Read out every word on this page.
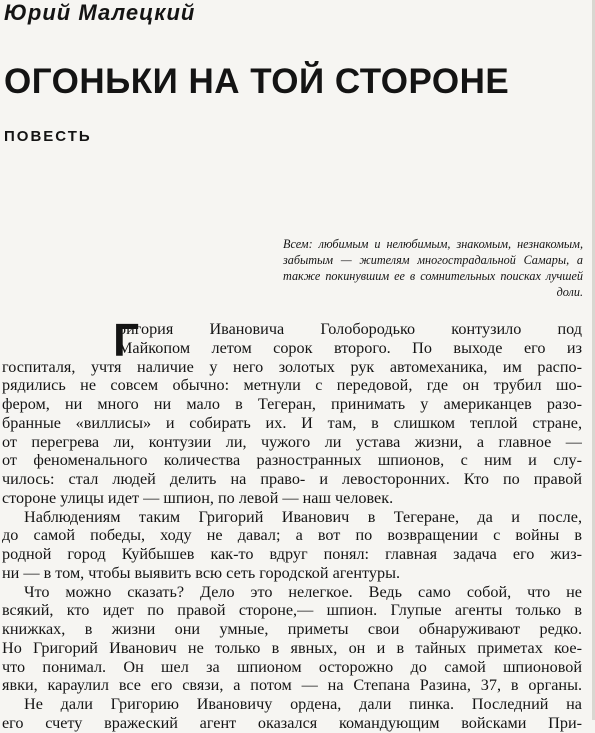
Юрий Малецкий
ОГОНЬКИ НА ТОЙ СТОРОНЕ
ПОВЕСТЬ
Всем: любимым и нелюбимым, знакомым, незнакомым, забытым — жителям многострадальной Самары, а также покинувшим ее в сомнительных поисках лучшей доли.
Г
ригория Ивановича Голобородько контузило под
Майкопом летом сорок второго. По выходе его из
госпиталя, учтя наличие у него золотых рук автомеханика, им распо-
рядились не совсем обычно: метнули с передовой, где он трубил шо-
фером, ни много ни мало в Тегеран, принимать у американцев разо-
бранные «виллисы» и собирать их. И там, в слишком теплой стране,
от перегрева ли, контузии ли, чужого ли устава жизни, а главное —
от феноменального количества разностранных шпионов, с ним и слу-
чилось: стал людей делить на право- и левосторонних. Кто по правой
стороне улицы идет — шпион, по левой — наш человек.
Наблюдениям таким Григорий Иванович в Тегеране, да и после,
до самой победы, ходу не давал; а вот по возвращении с войны в
родной город Куйбышев как-то вдруг понял: главная задача его жиз-
ни — в том, чтобы выявить всю сеть городской агентуры.
Что можно сказать? Дело это нелегкое. Ведь само собой, что не
всякий, кто идет по правой стороне,— шпион. Глупые агенты только в
книжках, в жизни они умные, приметы свои обнаруживают редко.
Но Григорий Иванович не только в явных, он и в тайных приметах кое-
что понимал. Он шел за шпионом осторожно до самой шпионовой
явки, караулил все его связи, а потом — на Степана Разина, 37, в органы.
Не дали Григорию Ивановичу ордена, дали пинка. Последний на
его счету вражеский агент оказался командующим войсками При-
